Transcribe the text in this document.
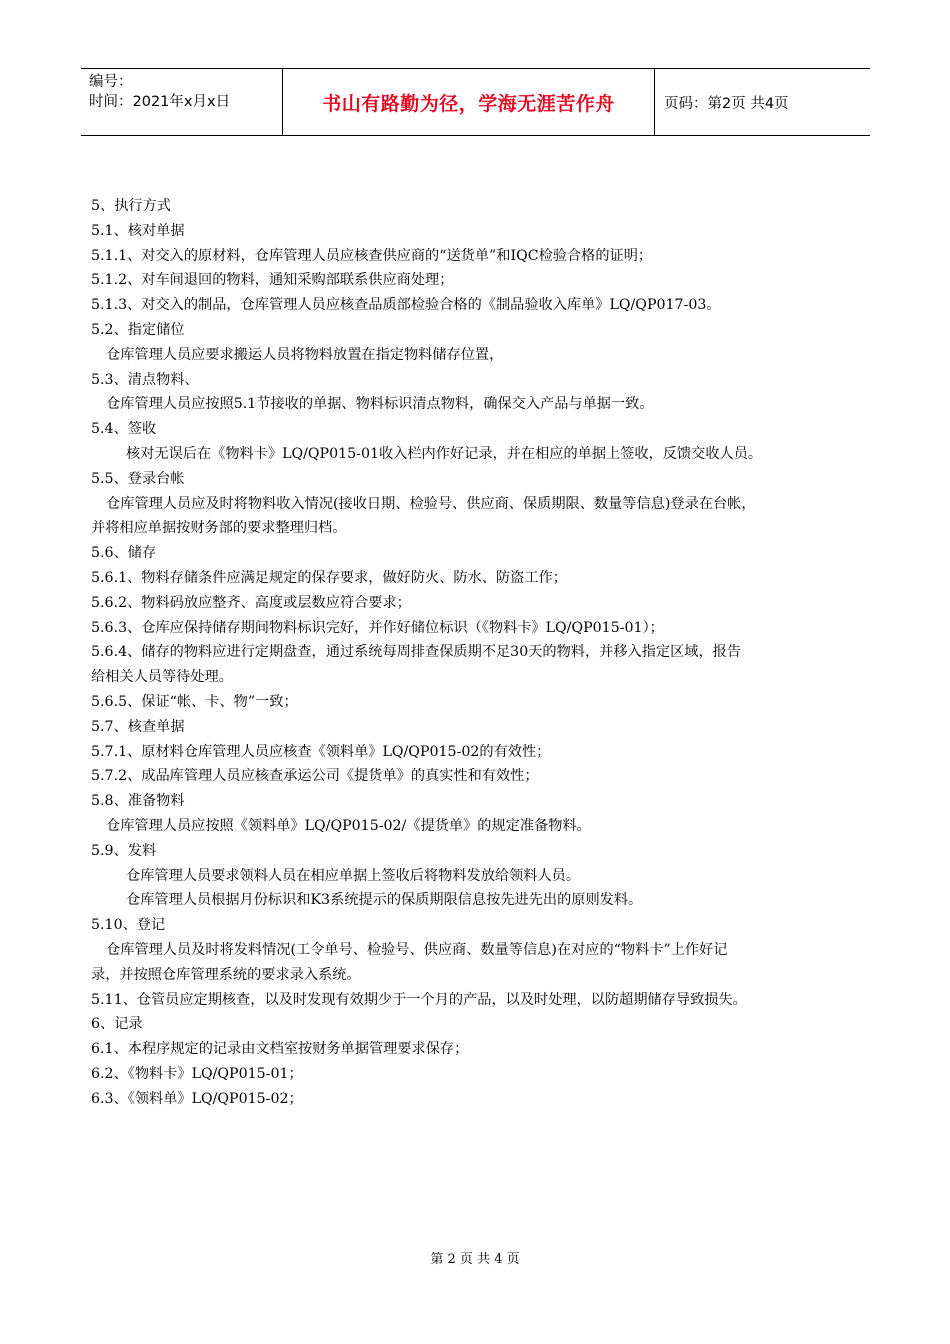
编号：
时间：2021年x月x日	书山有路勤为径，学海无涯苦作舟	页码：第2页 共4页
5、执行方式
5.1、核对单据
5.1.1、对交入的原材料，仓库管理人员应核查供应商的“送货单”和IQC检验合格的证明；
5.1.2、对车间退回的物料，通知采购部联系供应商处理；
5.1.3、对交入的制品，仓库管理人员应核查品质部检验合格的《制品验收入库单》LQ/QP017-03。
5.2、指定储位
仓库管理人员应要求搬运人员将物料放置在指定物料储存位置，
5.3、清点物料、
仓库管理人员应按照5.1节接收的单据、物料标识清点物料，确保交入产品与单据一致。
5.4、签收
核对无误后在《物料卡》LQ/QP015-01收入栏内作好记录，并在相应的单据上签收，反馈交收人员。
5.5、登录台帐
仓库管理人员应及时将物料收入情况(接收日期、检验号、供应商、保质期限、数量等信息)登录在台帐，
并将相应单据按财务部的要求整理归档。
5.6、储存
5.6.1、物料存储条件应满足规定的保存要求，做好防火、防水、防盗工作；
5.6.2、物料码放应整齐、高度或层数应符合要求；
5.6.3、仓库应保持储存期间物料标识完好，并作好储位标识（《物料卡》LQ/QP015-01）；
5.6.4、储存的物料应进行定期盘查，通过系统每周排查保质期不足30天的物料，并移入指定区域，报告
给相关人员等待处理。
5.6.5、保证“帐、卡、物”一致；
5.7、核查单据
5.7.1、原材料仓库管理人员应核查《领料单》LQ/QP015-02的有效性；
5.7.2、成品库管理人员应核查承运公司《提货单》的真实性和有效性；
5.8、准备物料
仓库管理人员应按照《领料单》LQ/QP015-02/《提货单》的规定准备物料。
5.9、发料
仓库管理人员要求领料人员在相应单据上签收后将物料发放给领料人员。
仓库管理人员根据月份标识和K3系统提示的保质期限信息按先进先出的原则发料。
5.10、登记
仓库管理人员及时将发料情况(工令单号、检验号、供应商、数量等信息)在对应的“物料卡”上作好记
录，并按照仓库管理系统的要求录入系统。
5.11、仓管员应定期核查，以及时发现有效期少于一个月的产品，以及时处理，以防超期储存导致损失。
6、记录
6.1、本程序规定的记录由文档室按财务单据管理要求保存；
6.2、《物料卡》LQ/QP015-01；
6.3、《领料单》LQ/QP015-02；
第 2 页 共 4 页
